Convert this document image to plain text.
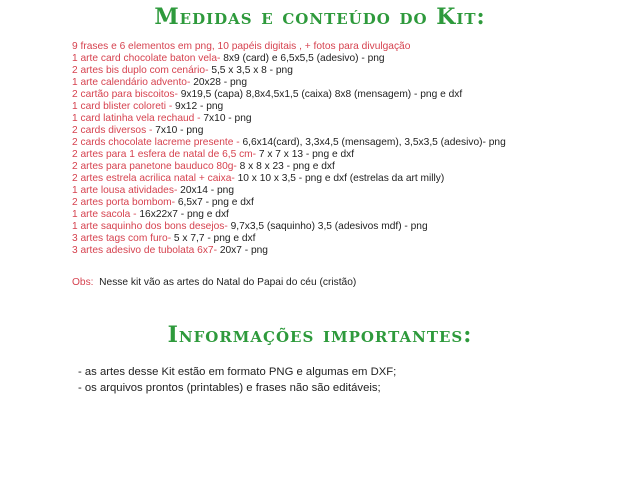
Medidas e conteúdo do Kit:
9 frases e 6 elementos em png, 10 papéis digitais , + fotos para divulgação
1 arte card chocolate baton vela- 8x9 (card) e 6,5x5,5 (adesivo) - png
2 artes bis duplo com cenário- 5,5 x 3,5 x 8 - png
1 arte calendário advento- 20x28 - png
2 cartão para biscoitos- 9x19,5 (capa) 8,8x4,5x1,5 (caixa) 8x8 (mensagem) - png e dxf
1 card blister coloreti - 9x12 - png
1 card latinha vela rechaud - 7x10 - png
2 cards diversos - 7x10 - png
2 cards chocolate lacreme presente - 6,6x14(card), 3,3x4,5 (mensagem), 3,5x3,5 (adesivo)- png
2 artes para 1 esfera de natal de 6,5 cm- 7 x 7 x 13 - png e dxf
2 artes para panetone bauduco 80g- 8 x 8 x 23 - png e dxf
2 artes estrela acrilica natal + caixa- 10 x 10 x 3,5 - png e dxf (estrelas da art milly)
1 arte lousa atividades- 20x14 - png
2 artes porta bombom- 6,5x7 - png e dxf
1 arte sacola - 16x22x7 - png e dxf
1 arte saquinho dos bons desejos- 9,7x3,5 (saquinho) 3,5 (adesivos mdf) - png
3 artes tags com furo- 5 x 7,7 - png e dxf
3 artes adesivo de tubolata 6x7- 20x7 - png
Obs:  Nesse kit vão as artes do Natal do Papai do céu (cristão)
Informações importantes:
- as artes desse Kit estão em formato PNG e algumas em DXF;
- os arquivos prontos (printables) e frases não são editáveis;
